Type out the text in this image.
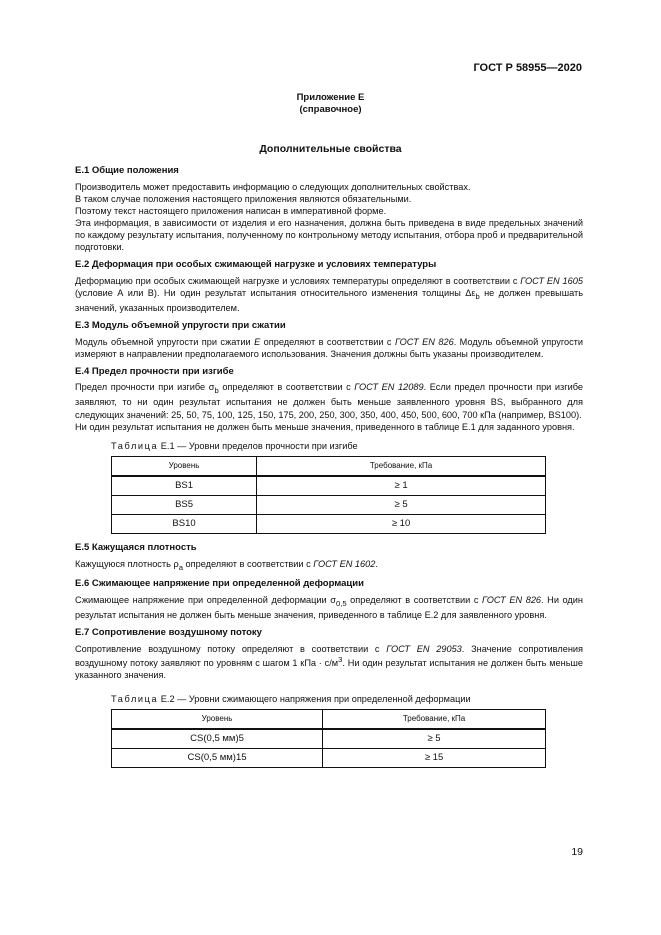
ГОСТ Р 58955—2020
Приложение Е
(справочное)
Дополнительные свойства
Е.1 Общие положения

Производитель может предоставить информацию о следующих дополнительных свойствах.

В таком случае положения настоящего приложения являются обязательными.

Поэтому текст настоящего приложения написан в императивной форме.

Эта информация, в зависимости от изделия и его назначения, должна быть приведена в виде предельных значений по каждому результату испытания, полученному по контрольному методу испытания, отбора проб и предварительной подготовки.

Е.2 Деформация при особых сжимающей нагрузке и условиях температуры

Деформацию при особых сжимающей нагрузке и условиях температуры определяют в соответствии с ГОСТ EN 1605 (условие А или В). Ни один результат испытания относительного изменения толщины $\Delta\varepsilon_b$ не должен превышать значений, указанных производителем.

Е.3 Модуль объемной упругости при сжатии

Модуль объемной упругости при сжатии Е определяют в соответствии с ГОСТ EN 826. Модуль объемной упругости измеряют в направлении предполагаемого использования. Значения должны быть указаны производителем.

Е.4 Предел прочности при изгибе

Предел прочности при изгибе $\sigma_b$ определяют в соответствии с ГОСТ EN 12089. Если предел прочности при изгибе заявляют, то ни один результат испытания не должен быть меньше заявленного уровня BS, выбранного для следующих значений: 25, 50, 75, 100, 125, 150, 175, 200, 250, 300, 350, 400, 450, 500, 600, 700 кПа (например, BS100).

Ни один результат испытания не должен быть меньше значения, приведенного в таблице Е.1 для заданного уровня.

Таблица Е.1 — Уровни пределов прочности при изгибе
Уровень	Требование, кПа
BS1	≥ 1
BS5	≥ 5
BS10	≥ 10
Е.5 Кажущаяся плотность

Кажущуюся плотность $\rho_a$ определяют в соответствии с ГОСТ EN 1602.

Е.6 Сжимающее напряжение при определенной деформации

Сжимающее напряжение при определенной деформации $\sigma_{0,5}$ определяют в соответствии с ГОСТ EN 826. Ни один результат испытания не должен быть меньше значения, приведенного в таблице Е.2 для заявленного уровня.

Е.7 Сопротивление воздушному потоку

Сопротивление воздушному потоку определяют в соответствии с ГОСТ EN 29053. Значение сопротивления воздушному потоку заявляют по уровням с шагом 1 кПа · $с/м^3$. Ни один результат испытания не должен быть меньше указанного значения.

Таблица Е.2 — Уровни сжимающего напряжения при определенной деформации
Уровень	Требование, кПа
CS(0,5 мм)5	≥ 5
CS(0,5 мм)15	≥ 15
19
